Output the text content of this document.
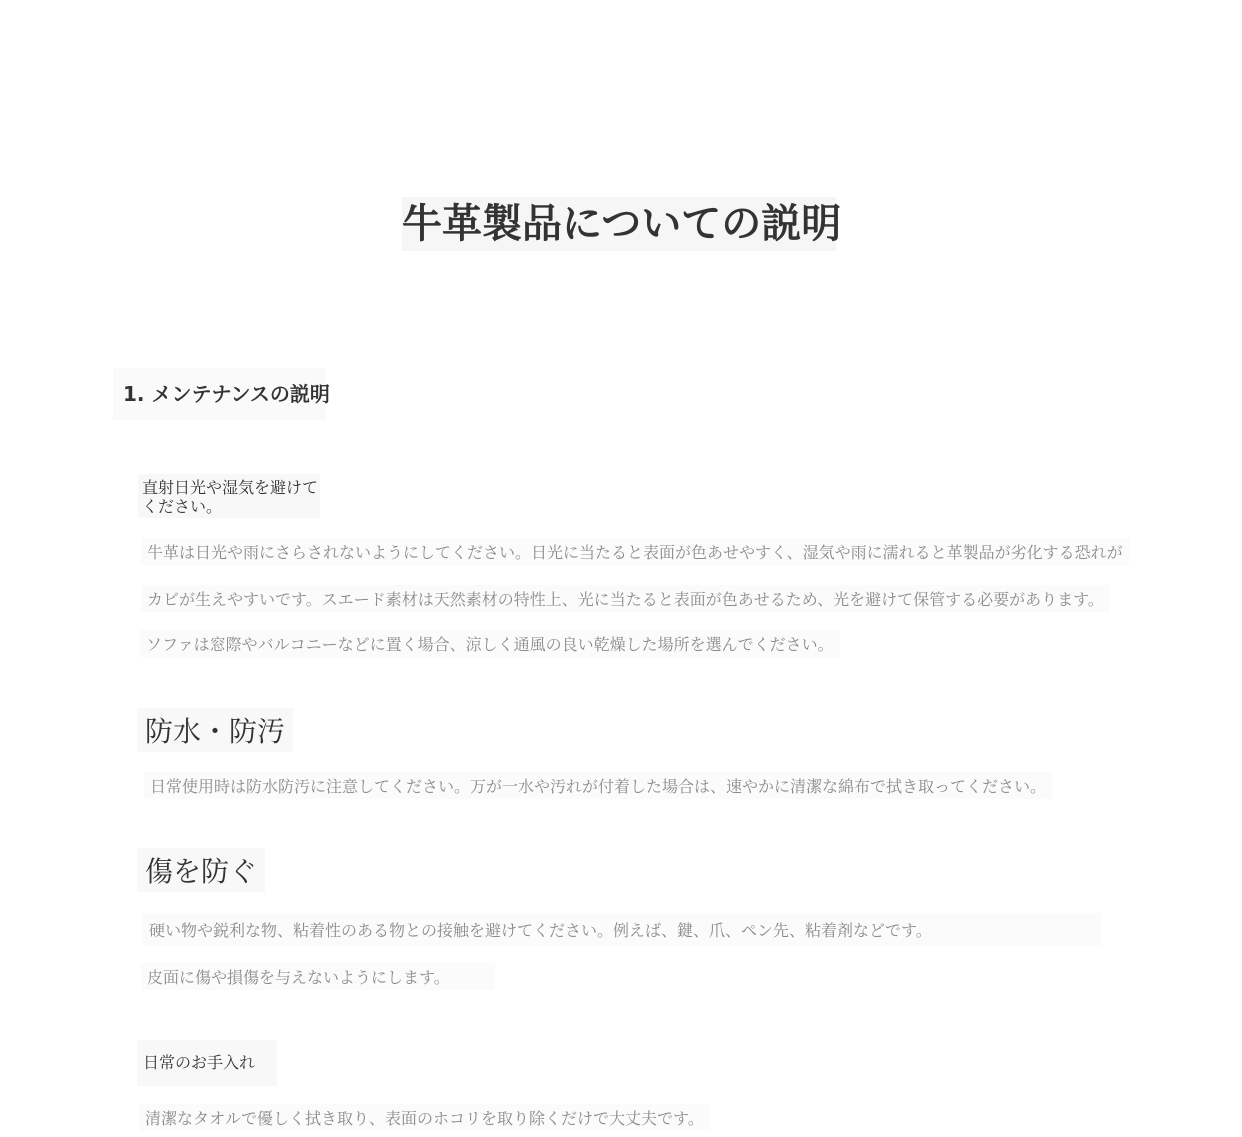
牛革製品についての説明
1. メンテナンスの説明
直射日光や湿気を避けてください。
牛革は日光や雨にさらされないようにしてください。日光に当たると表面が色あせやすく、湿気や雨に濡れると革製品が劣化する恐れが
カビが生えやすいです。スエード素材は天然素材の特性上、光に当たると表面が色あせるため、光を避けて保管する必要があります。
ソファは窓際やバルコニーなどに置く場合、涼しく通風の良い乾燥した場所を選んでください。
防水・防汚
日常使用時は防水防汚に注意してください。万が一水や汚れが付着した場合は、速やかに清潔な綿布で拭き取ってください。
傷を防ぐ
硬い物や鋭利な物、粘着性のある物との接触を避けてください。例えば、鍵、爪、ペン先、粘着剤などです。
皮面に傷や損傷を与えないようにします。
日常のお手入れ
清潔なタオルで優しく拭き取り、表面のホコリを取り除くだけで大丈夫です。
